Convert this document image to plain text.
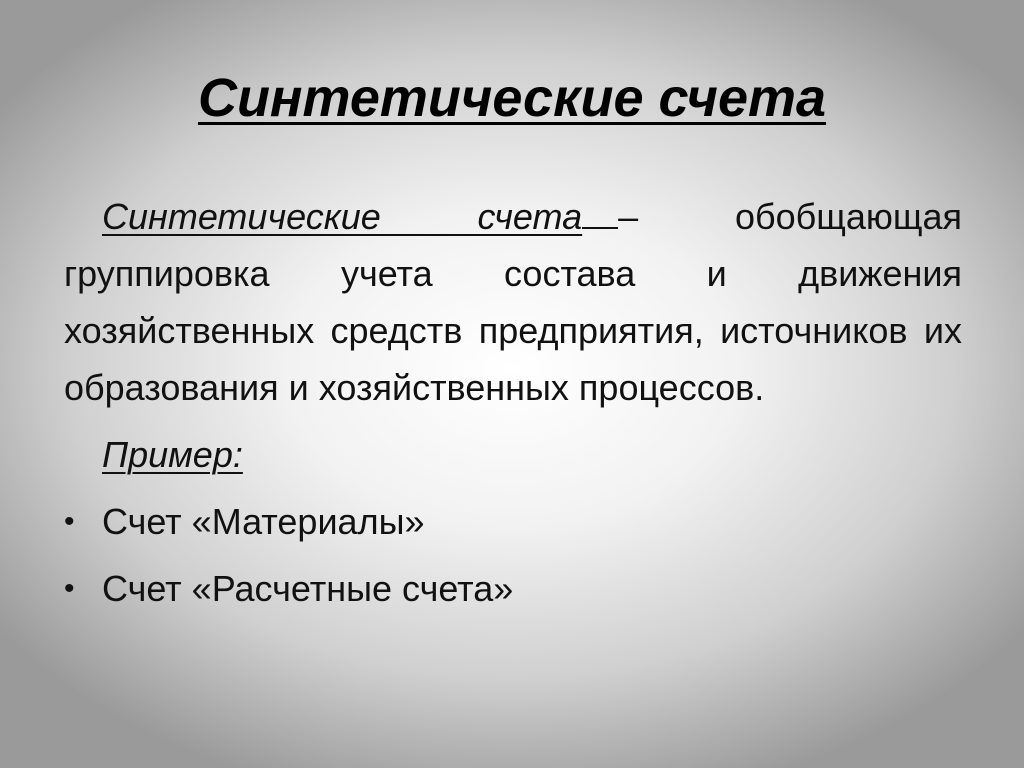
Синтетические счета

Синтетические счета – обобщающая группировка учета состава и движения хозяйственных средств предприятия, источников их образования и хозяйственных процессов.

Пример:
• Счет «Материалы»
• Счет «Расчетные счета»
